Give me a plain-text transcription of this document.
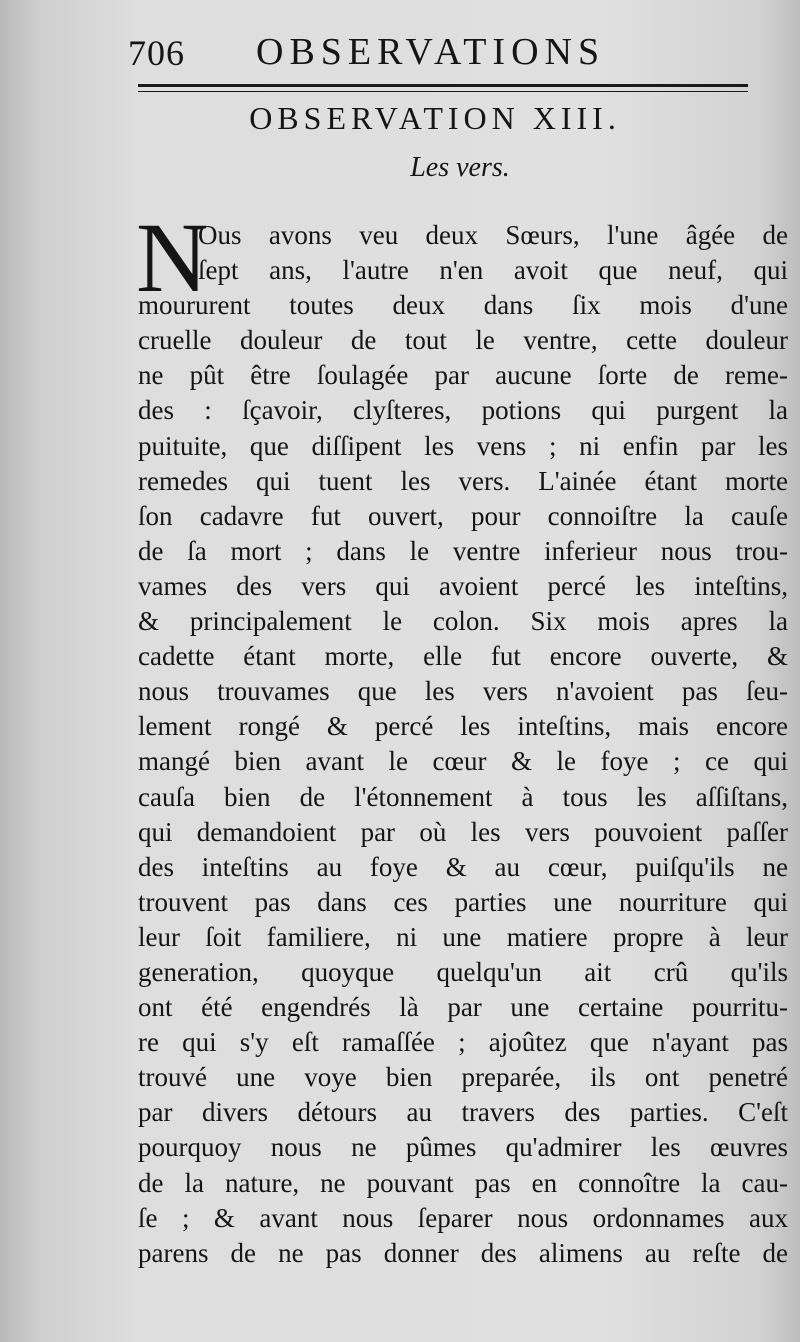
706 OBSERVATIONS
OBSERVATION XIII.
Les vers.
N
Ous avons veu deux Sœurs, l'une âgée de
ſept ans, l'autre n'en avoit que neuf, qui
moururent toutes deux dans ſix mois d'une
cruelle douleur de tout le ventre, cette douleur
ne pût être ſoulagée par aucune ſorte de reme-
des : ſçavoir, clyſteres, potions qui purgent la
puituite, que diſſipent les vens ; ni enfin par les
remedes qui tuent les vers. L'ainée étant morte
ſon cadavre fut ouvert, pour connoiſtre la cauſe
de ſa mort ; dans le ventre inferieur nous trou-
vames des vers qui avoient percé les inteſtins,
& principalement le colon. Six mois apres la
cadette étant morte, elle fut encore ouverte, &
nous trouvames que les vers n'avoient pas ſeu-
lement rongé & percé les inteſtins, mais encore
mangé bien avant le cœur & le foye ; ce qui
cauſa bien de l'étonnement à tous les aſſiſtans,
qui demandoient par où les vers pouvoient paſſer
des inteſtins au foye & au cœur, puiſqu'ils ne
trouvent pas dans ces parties une nourriture qui
leur ſoit familiere, ni une matiere propre à leur
generation, quoyque quelqu'un ait crû qu'ils
ont été engendrés là par une certaine pourritu-
re qui s'y eſt ramaſſée ; ajoûtez que n'ayant pas
trouvé une voye bien preparée, ils ont penetré
par divers détours au travers des parties. C'eſt
pourquoy nous ne pûmes qu'admirer les œuvres
de la nature, ne pouvant pas en connoître la cau-
ſe ; & avant nous ſeparer nous ordonnames aux
parens de ne pas donner des alimens au reſte de
